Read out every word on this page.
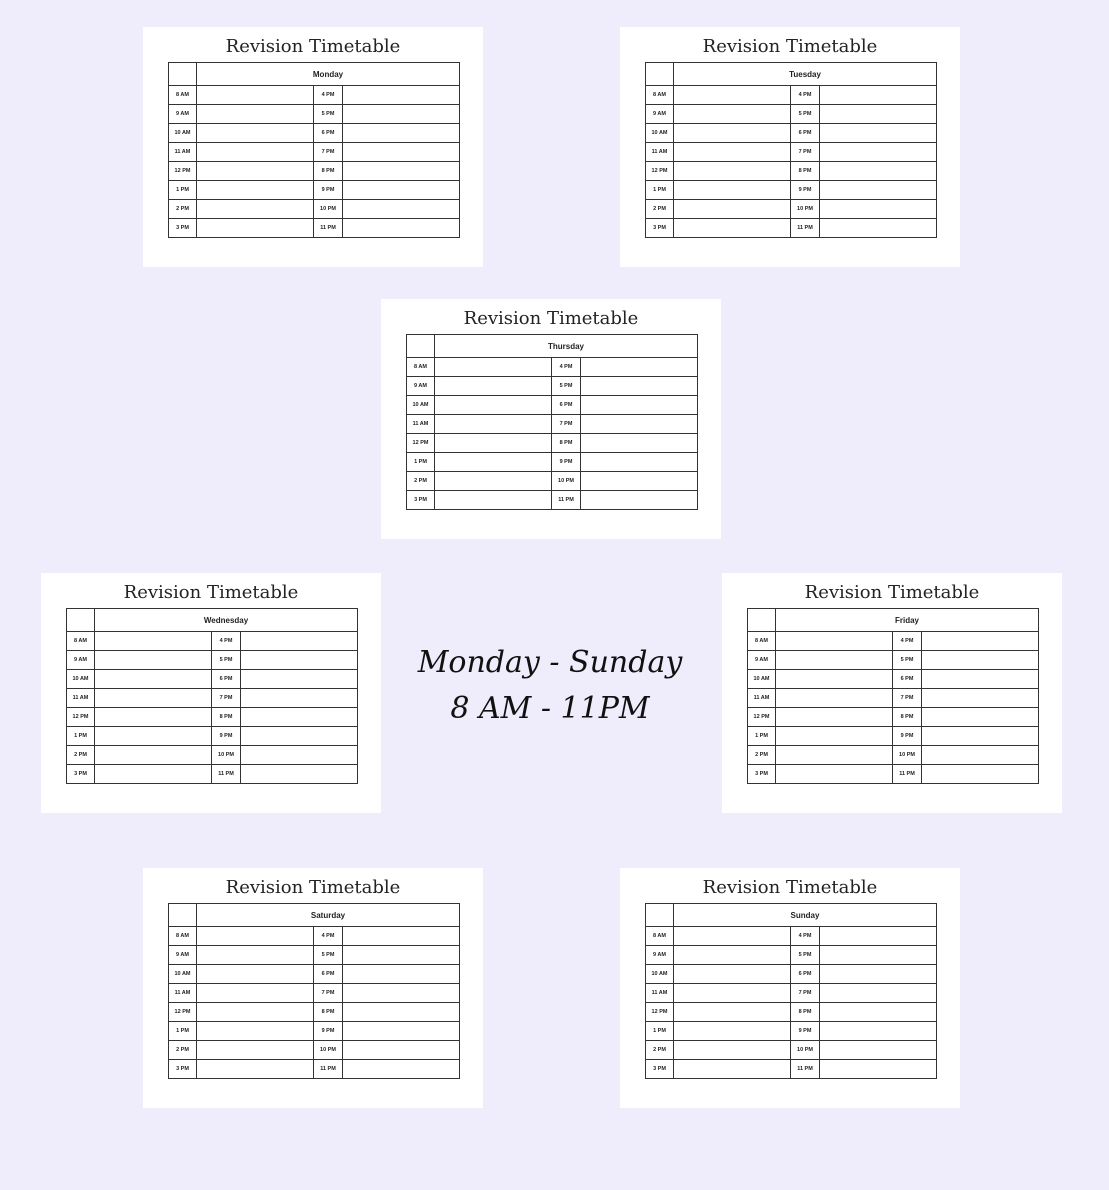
Revision Timetable
	Monday		
8 AM		4 PM	
9 AM		5 PM	
10 AM		6 PM	
11 AM		7 PM	
12 PM		8 PM	
1 PM		9 PM	
2 PM		10 PM	
3 PM		11 PM	
Revision Timetable
	Tuesday		
8 AM		4 PM	
9 AM		5 PM	
10 AM		6 PM	
11 AM		7 PM	
12 PM		8 PM	
1 PM		9 PM	
2 PM		10 PM	
3 PM		11 PM	
Revision Timetable
	Thursday		
8 AM		4 PM	
9 AM		5 PM	
10 AM		6 PM	
11 AM		7 PM	
12 PM		8 PM	
1 PM		9 PM	
2 PM		10 PM	
3 PM		11 PM	
Revision Timetable
	Wednesday		
8 AM		4 PM	
9 AM		5 PM	
10 AM		6 PM	
11 AM		7 PM	
12 PM		8 PM	
1 PM		9 PM	
2 PM		10 PM	
3 PM		11 PM	
Revision Timetable
	Friday		
8 AM		4 PM	
9 AM		5 PM	
10 AM		6 PM	
11 AM		7 PM	
12 PM		8 PM	
1 PM		9 PM	
2 PM		10 PM	
3 PM		11 PM	
Revision Timetable
	Saturday		
8 AM		4 PM	
9 AM		5 PM	
10 AM		6 PM	
11 AM		7 PM	
12 PM		8 PM	
1 PM		9 PM	
2 PM		10 PM	
3 PM		11 PM	
Revision Timetable
	Sunday		
8 AM		4 PM	
9 AM		5 PM	
10 AM		6 PM	
11 AM		7 PM	
12 PM		8 PM	
1 PM		9 PM	
2 PM		10 PM	
3 PM		11 PM	
Monday - Sunday
8 AM - 11PM
